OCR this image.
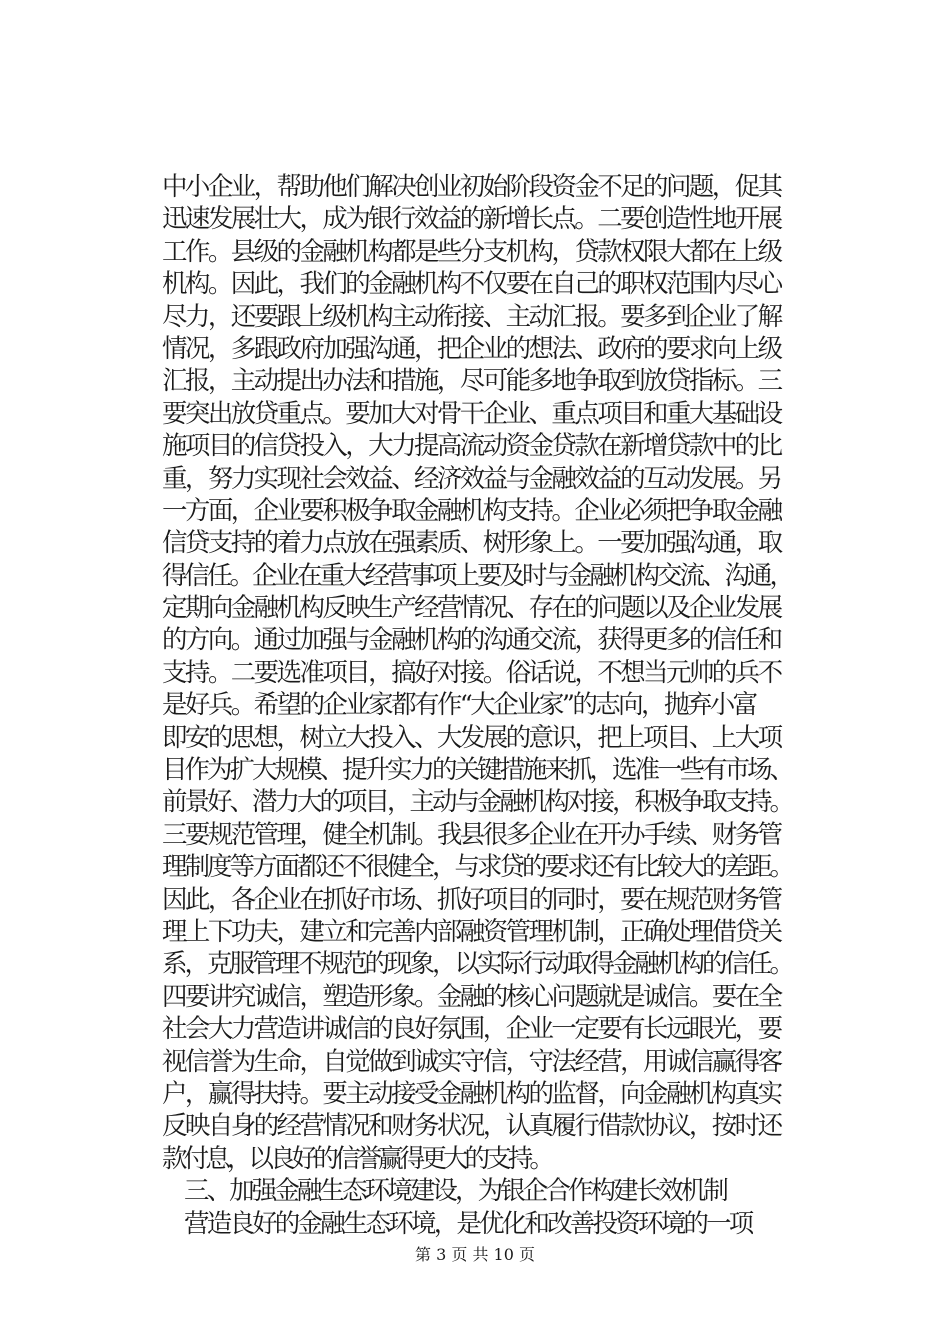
中小企业，帮助他们解决创业初始阶段资金不足的问题，促其
迅速发展壮大，成为银行效益的新增长点。二要创造性地开展
工作。县级的金融机构都是些分支机构，贷款权限大都在上级
机构。因此，我们的金融机构不仅要在自己的职权范围内尽心
尽力，还要跟上级机构主动衔接、主动汇报。要多到企业了解
情况，多跟政府加强沟通，把企业的想法、政府的要求向上级
汇报，主动提出办法和措施，尽可能多地争取到放贷指标。三
要突出放贷重点。要加大对骨干企业、重点项目和重大基础设
施项目的信贷投入，大力提高流动资金贷款在新增贷款中的比
重，努力实现社会效益、经济效益与金融效益的互动发展。另
一方面，企业要积极争取金融机构支持。企业必须把争取金融
信贷支持的着力点放在强素质、树形象上。一要加强沟通，取
得信任。企业在重大经营事项上要及时与金融机构交流、沟通，
定期向金融机构反映生产经营情况、存在的问题以及企业发展
的方向。通过加强与金融机构的沟通交流，获得更多的信任和
支持。二要选准项目，搞好对接。俗话说，不想当元帅的兵不
是好兵。希望的企业家都有作“大企业家”的志向，抛弃小富
即安的思想，树立大投入、大发展的意识，把上项目、上大项
目作为扩大规模、提升实力的关键措施来抓，选准一些有市场、
前景好、潜力大的项目，主动与金融机构对接，积极争取支持。
三要规范管理，健全机制。我县很多企业在开办手续、财务管
理制度等方面都还不很健全，与求贷的要求还有比较大的差距。
因此，各企业在抓好市场、抓好项目的同时，要在规范财务管
理上下功夫，建立和完善内部融资管理机制，正确处理借贷关
系，克服管理不规范的现象，以实际行动取得金融机构的信任。
四要讲究诚信，塑造形象。金融的核心问题就是诚信。要在全
社会大力营造讲诚信的良好氛围，企业一定要有长远眼光，要
视信誉为生命，自觉做到诚实守信，守法经营，用诚信赢得客
户，赢得扶持。要主动接受金融机构的监督，向金融机构真实
反映自身的经营情况和财务状况，认真履行借款协议，按时还
款付息，以良好的信誉赢得更大的支持。
三、加强金融生态环境建设，为银企合作构建长效机制
营造良好的金融生态环境，是优化和改善投资环境的一项
第 3 页 共 10 页
